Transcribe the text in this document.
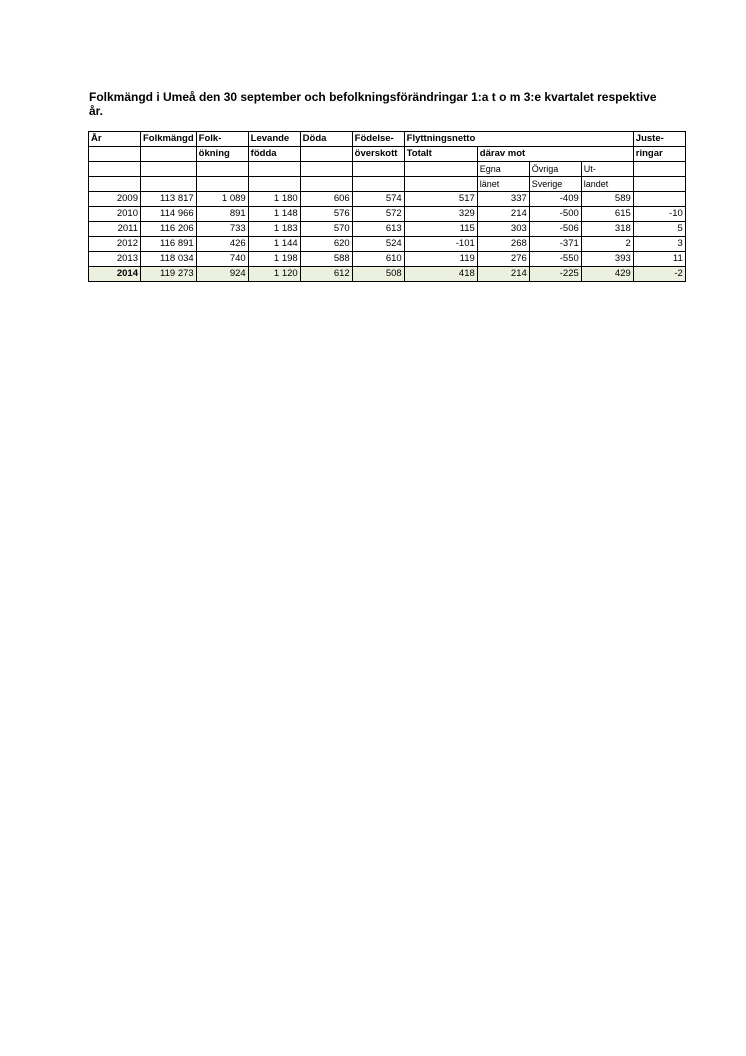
Folkmängd i Umeå den 30 september och befolkningsförändringar 1:a t o m 3:e kvartalet respektive år.
År	Folkmängd	Folk-	Levande	Döda	Födelse-	Flyttningsnetto				Juste-
		ökning	födda		överskott	Totalt	därav mot			ringar
							Egna	Övriga	Ut-	
							länet	Sverige	landet	
2009	113 817	1 089	1 180	606	574	517	337	-409	589	
2010	114 966	891	1 148	576	572	329	214	-500	615	-10
2011	116 206	733	1 183	570	613	115	303	-506	318	5
2012	116 891	426	1 144	620	524	-101	268	-371	2	3
2013	118 034	740	1 198	588	610	119	276	-550	393	11
2014	119 273	924	1 120	612	508	418	214	-225	429	-2
